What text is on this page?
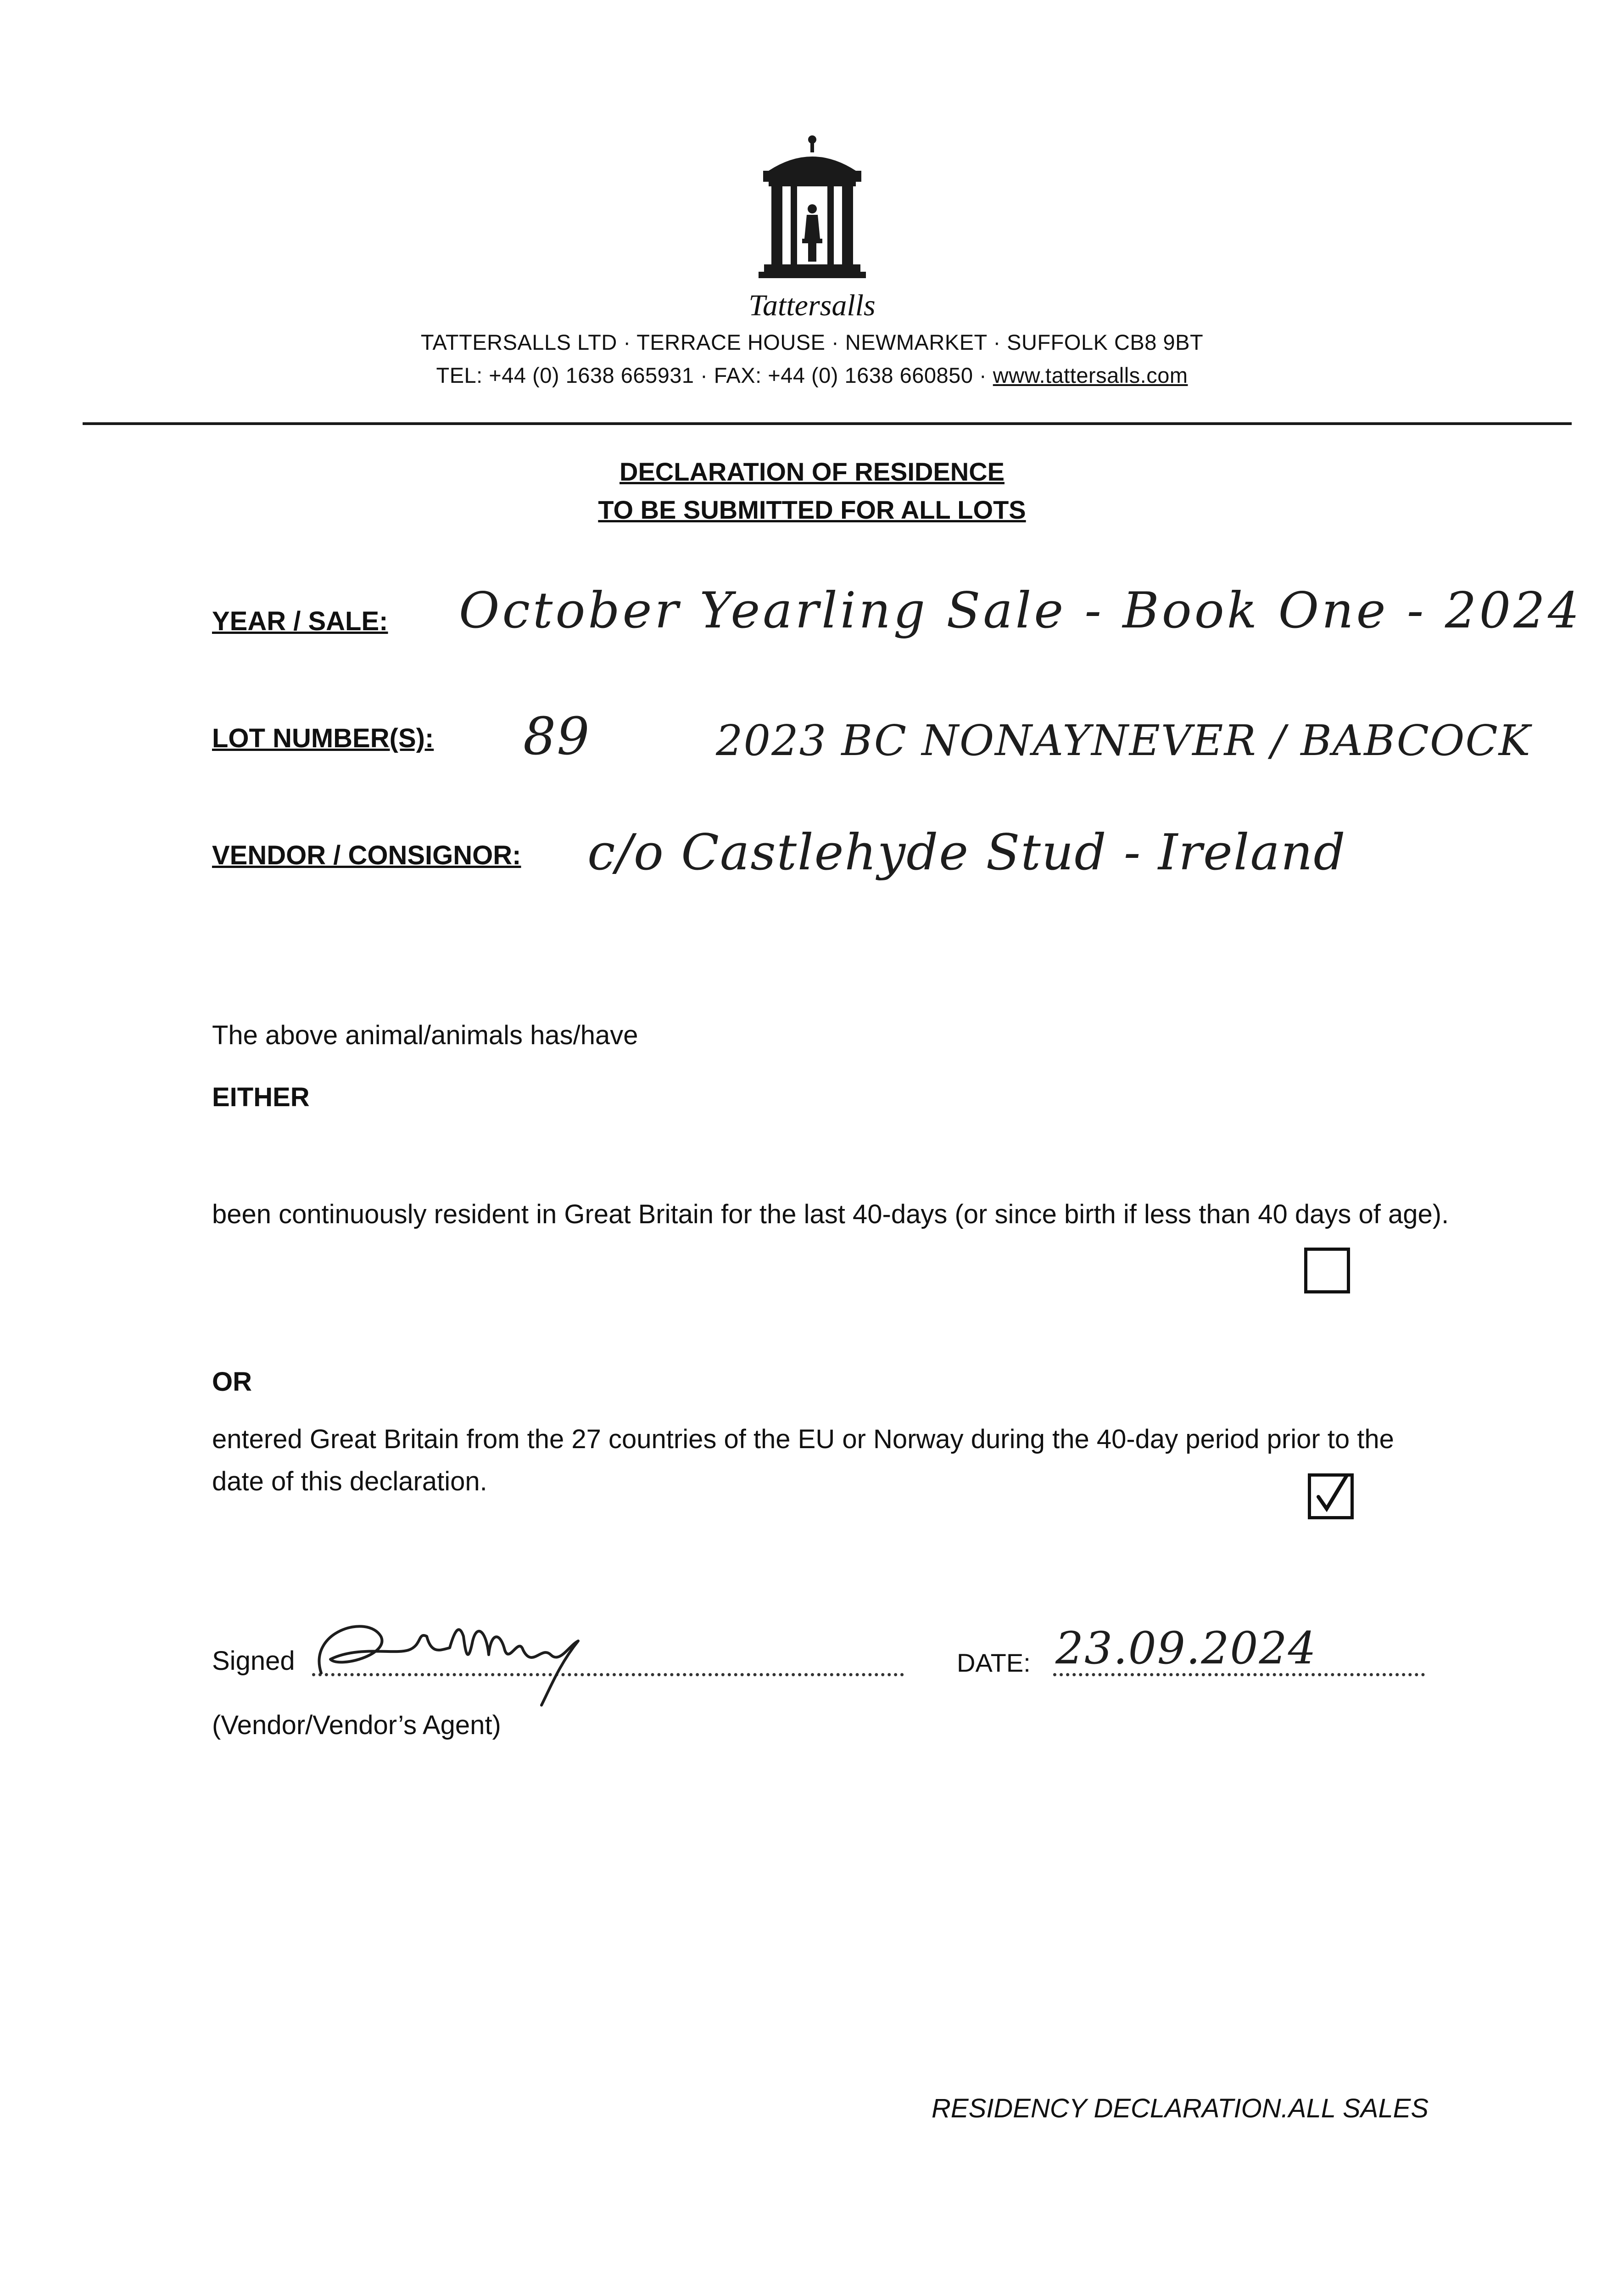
Tattersalls
TATTERSALLS LTD · TERRACE HOUSE · NEWMARKET · SUFFOLK CB8 9BT
TEL: +44 (0) 1638 665931 · FAX: +44 (0) 1638 660850 · www.tattersalls.com
DECLARATION OF RESIDENCE
TO BE SUBMITTED FOR ALL LOTS
YEAR / SALE: October Yearling Sale - Book One - 2024
LOT NUMBER(S): 89	2023 BC NONAYNEVER / BABCOCK
VENDOR / CONSIGNOR: c/o Castlehyde Stud - Ireland
The above animal/animals has/have
EITHER
been continuously resident in Great Britain for the last 40-days (or since birth if less than 40 days of age).
OR
entered Great Britain from the 27 countries of the EU or Norway during the 40-day period prior to the date of this declaration.
Signed
(Vendor/Vendor’s Agent)
DATE: 23.09.2024
RESIDENCY DECLARATION.ALL SALES
